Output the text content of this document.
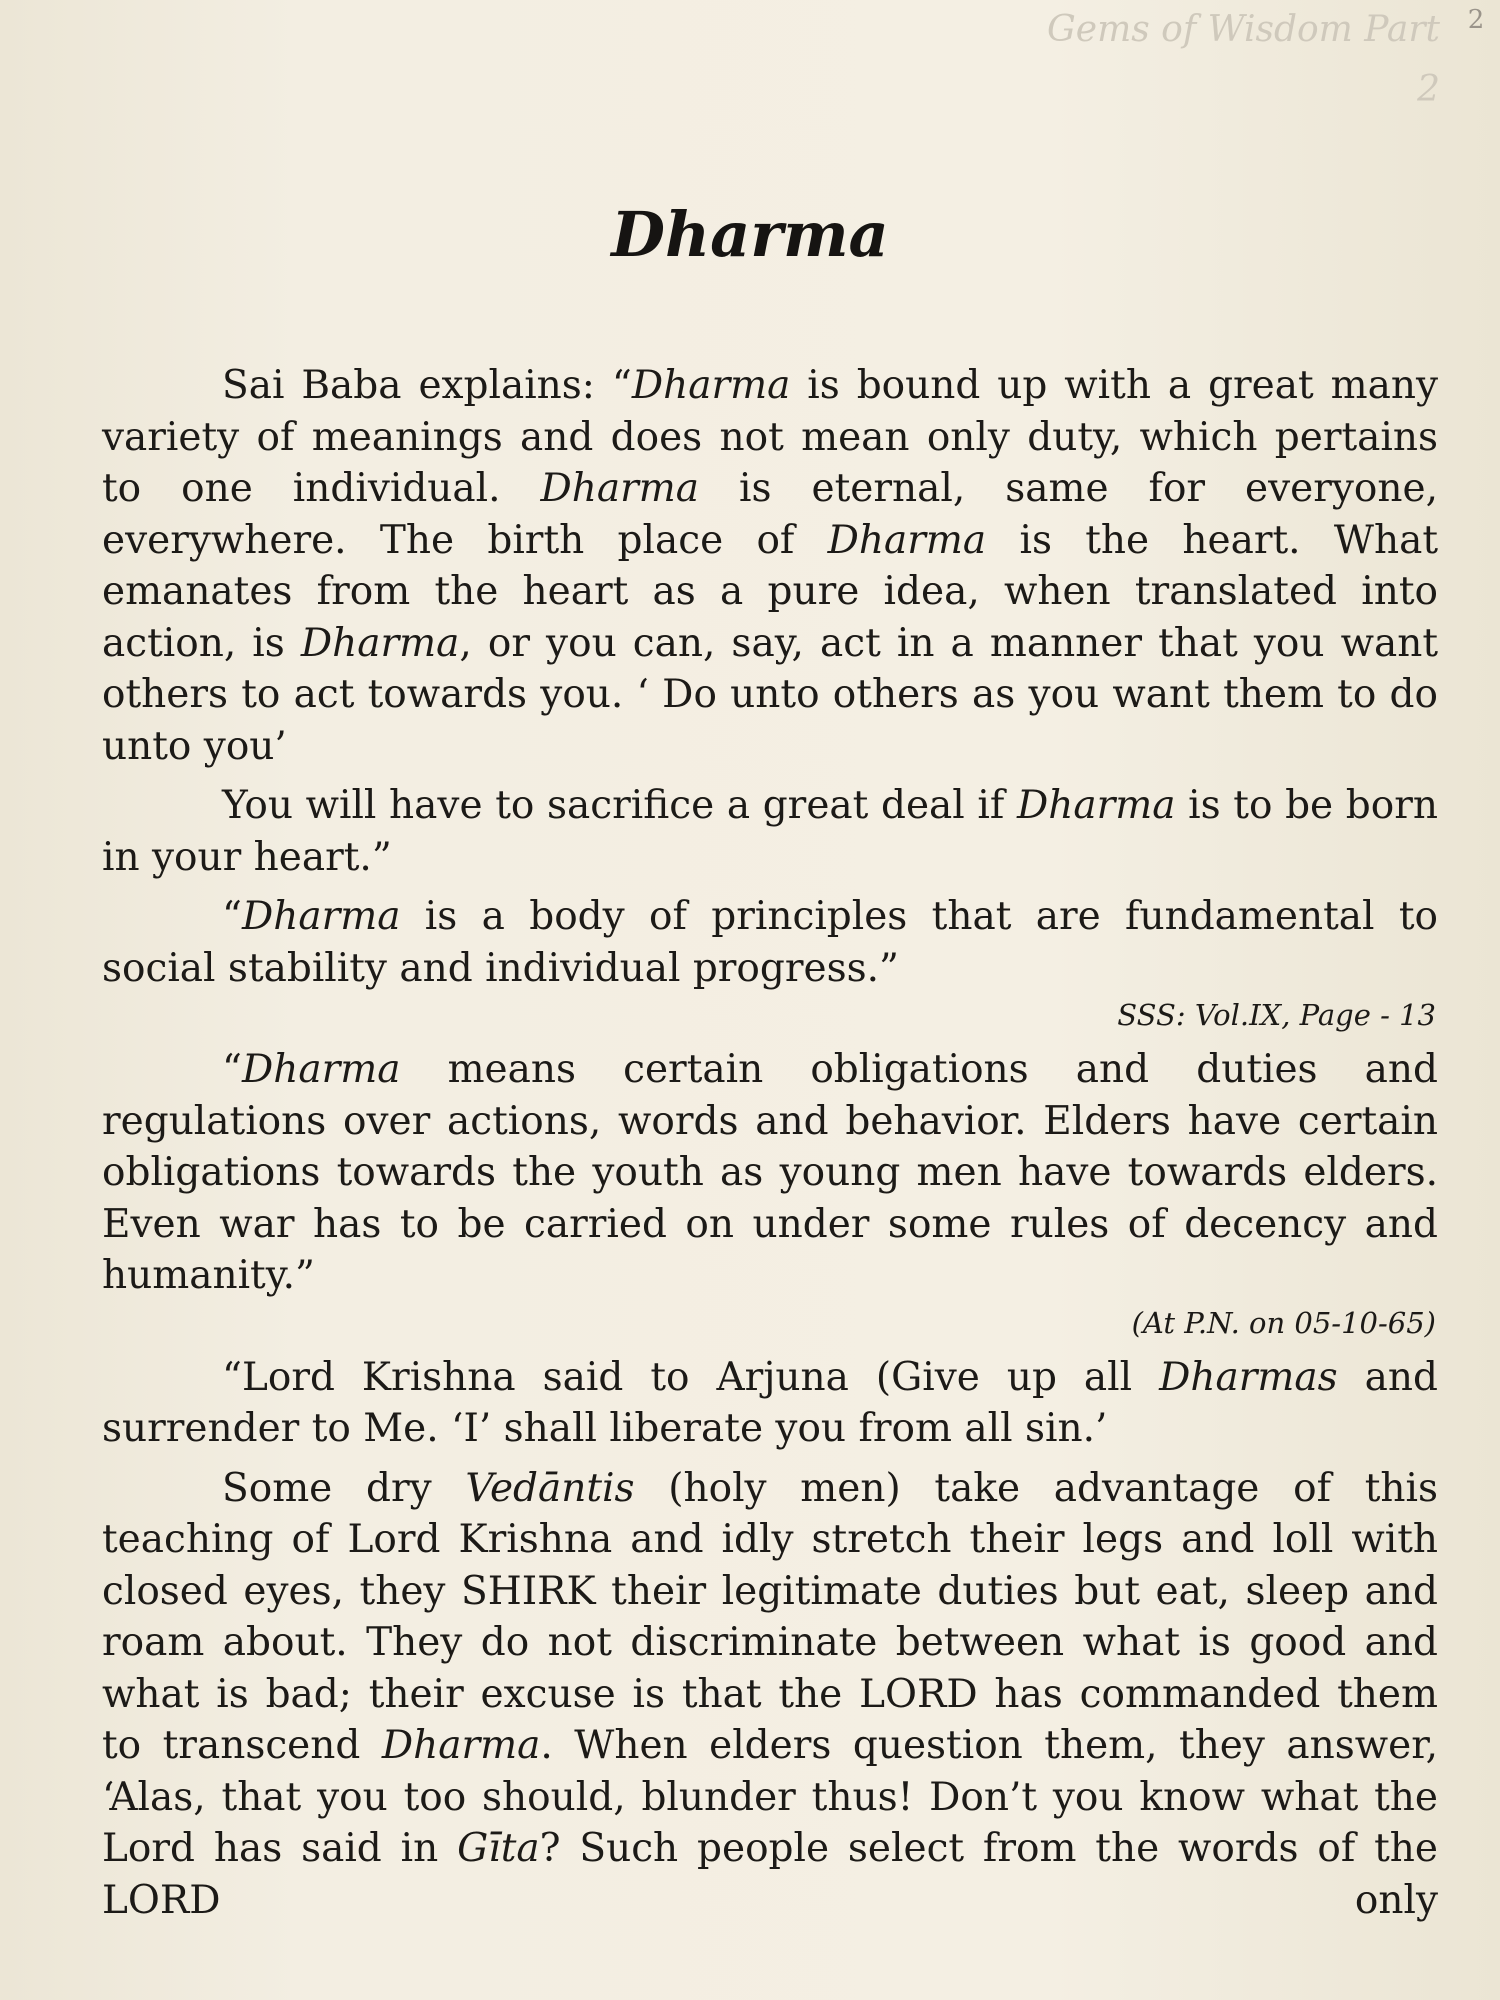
Gems of Wisdom Part 2
2
Dharma

Sai Baba explains: “Dharma is bound up with a great many variety of meanings and does not mean only duty, which pertains to one individual. Dharma is eternal, same for everyone, everywhere. The birth place of Dharma is the heart. What emanates from the heart as a pure idea, when translated into action, is Dharma, or you can, say, act in a manner that you want others to act towards you. ‘ Do unto others as you want them to do unto you’

You will have to sacrifice a great deal if Dharma is to be born in your heart.”

“Dharma is a body of principles that are fundamental to social stability and individual progress.”

SSS: Vol.IX, Page - 13

“Dharma means certain obligations and duties and regulations over actions, words and behavior. Elders have certain obligations towards the youth as young men have towards elders. Even war has to be carried on under some rules of decency and humanity.”

(At P.N. on 05-10-65)

“Lord Krishna said to Arjuna (Give up all Dharmas and surrender to Me. ‘I’ shall liberate you from all sin.’

Some dry Vedāntis (holy men) take advantage of this teaching of Lord Krishna and idly stretch their legs and loll with closed eyes, they SHIRK their legitimate duties but eat, sleep and roam about. They do not discriminate between what is good and what is bad; their excuse is that the LORD has commanded them to transcend Dharma. When elders question them, they answer, ‘Alas, that you too should, blunder thus! Don’t you know what the Lord has said in Gīta? Such people select from the words of the LORD only
